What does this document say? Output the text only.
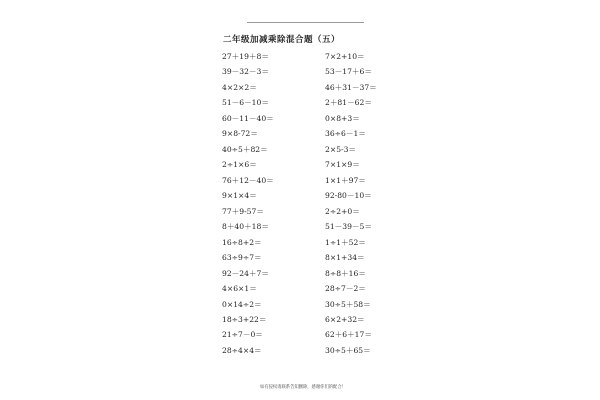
二年级加减乘除混合题（五）
27＋19＋8＝
39－32－3＝
4×2×2＝
51－6－10＝
60－11－40＝
9×8-72＝
40÷5＋82＝
2÷1×6＝
76＋12－40＝
9×1×4＝
77＋9-57＝
8＋40＋18＝
16÷8+2＝
63÷9÷7＝
92－24＋7＝
4×6×1＝
0×14÷2＝
18÷3+22＝
21÷7－0＝
28÷4×4＝
7×2+10＝
53－17＋6＝
46＋31－37＝
2＋81－62＝
0×8+3＝
36÷6－1＝
2×5-3＝
7×1×9＝
1×1＋97＝
92-80－10＝
2÷2+0＝
51－39－5＝
1÷1＋52＝
8×1+34＝
8÷8＋16＝
28÷7－2＝
30÷5＋58＝
6×2+32＝
62＋6＋17＝
30÷5＋65＝
如有侵权请联系告知删除，感谢你们的配合！
